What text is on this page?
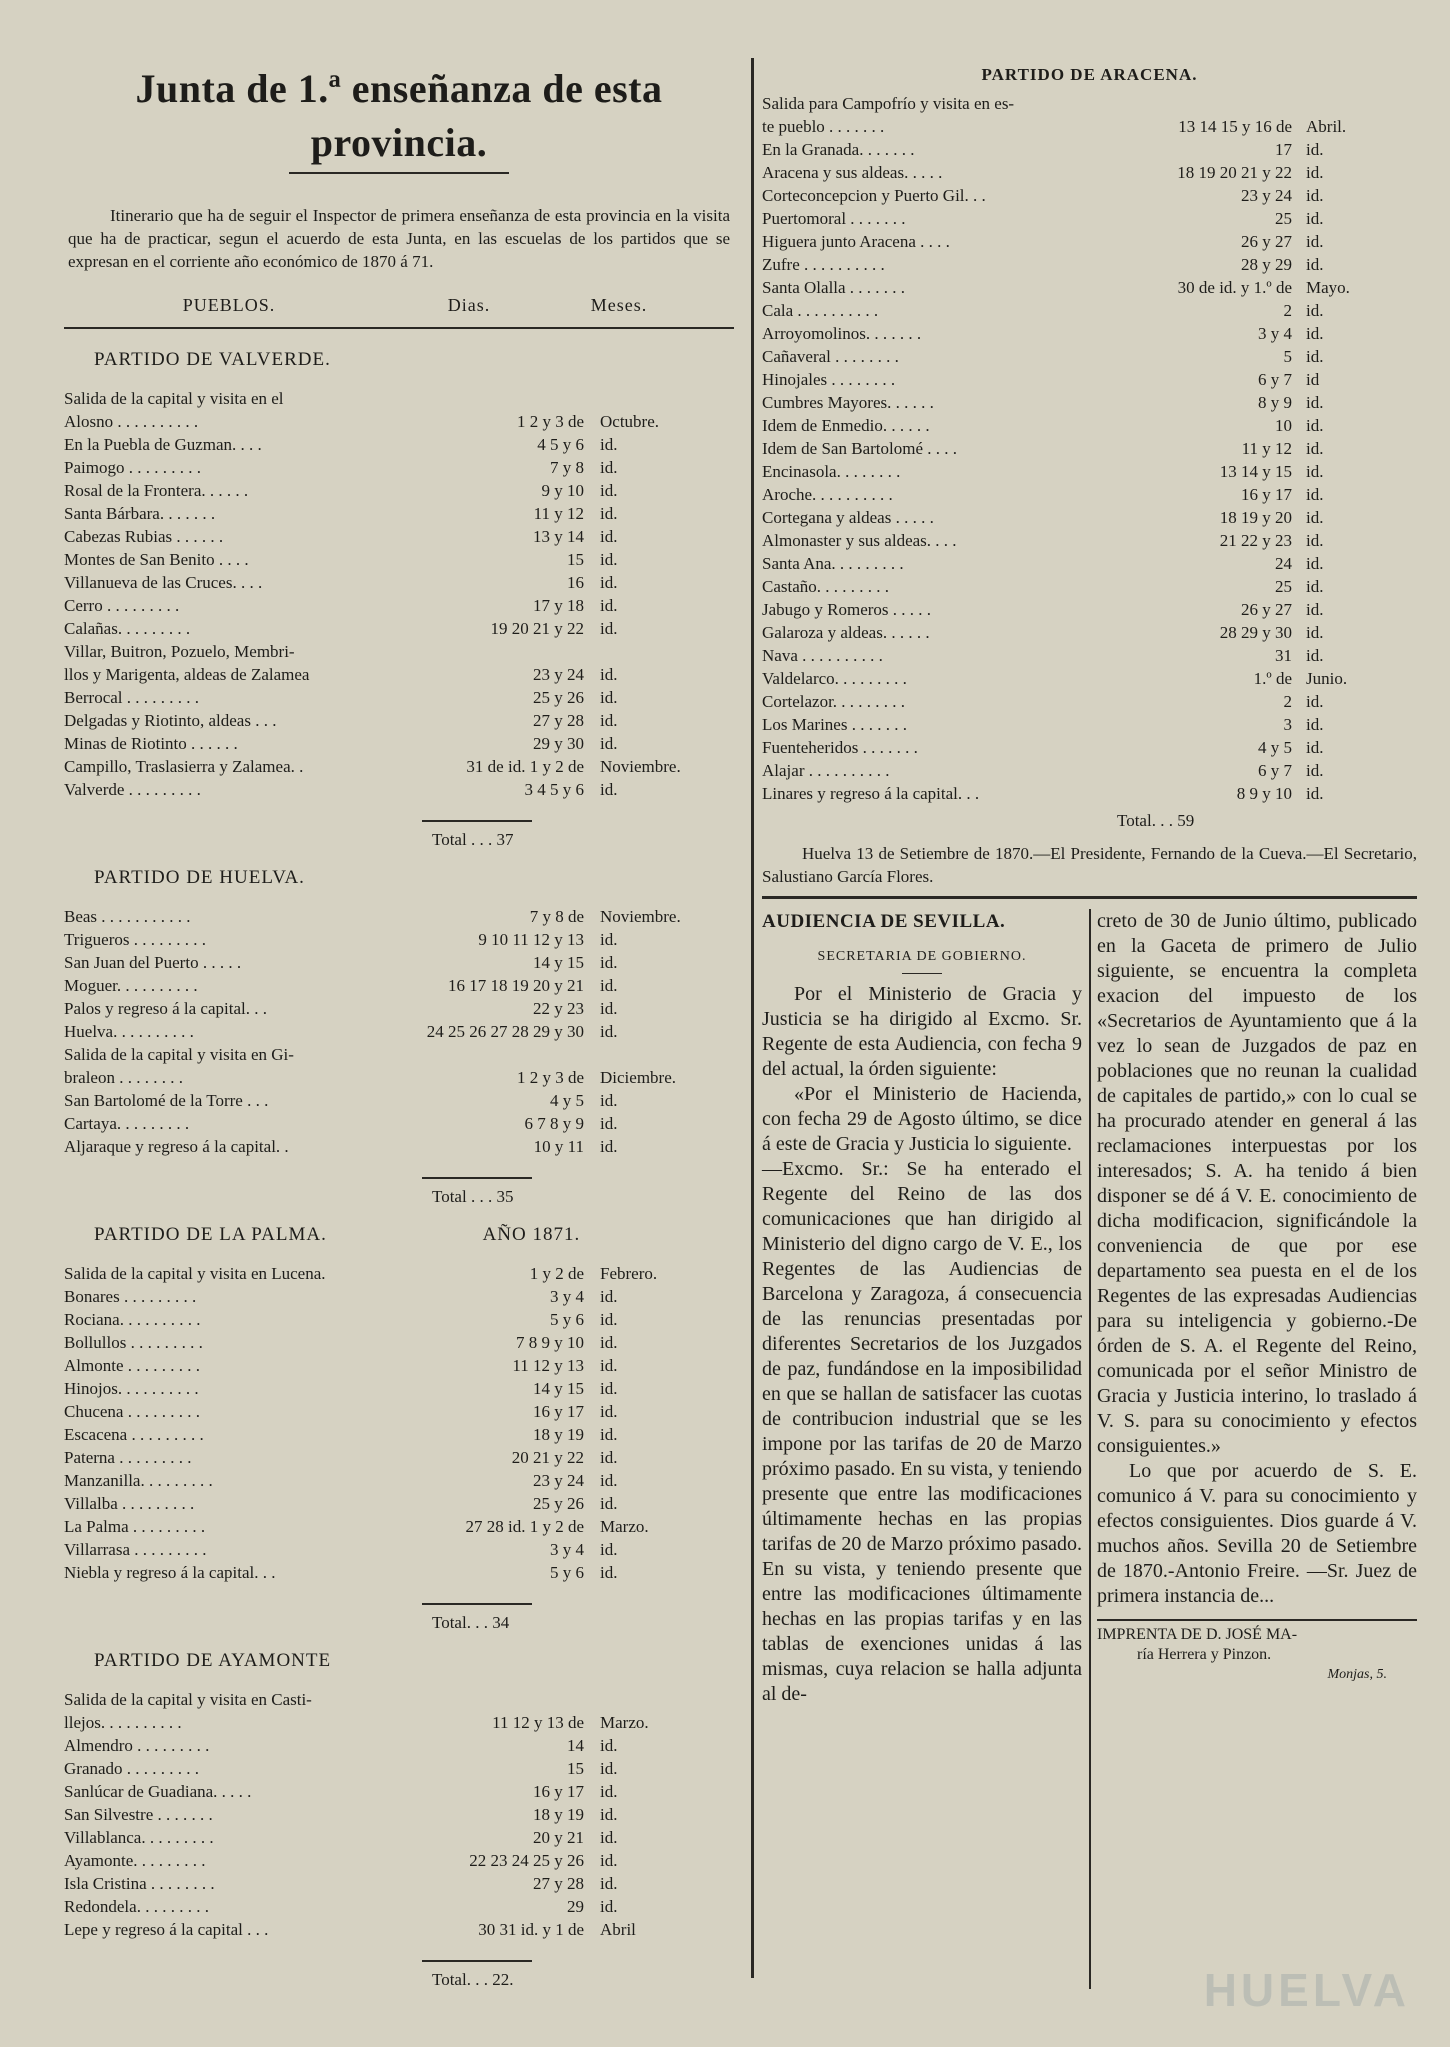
Junta de 1.ª enseñanza de esta provincia.

Itinerario que ha de seguir el Inspector de primera enseñanza de esta provincia en la visita que ha de practicar, segun el acuerdo de esta Junta, en las escuelas de los partidos que se expresan en el corriente año económico de 1870 á 71.

PUEBLOS.	Dias.	Meses.
PARTIDO DE VALVERDE.
Salida de la capital y visita en el
Alosno . . . . . . . . . .	1 2 y 3 de Octubre.
En la Puebla de Guzman. . . .	4 5 y 6 id.
Paimogo . . . . . . . . .	7 y 8 id.
Rosal de la Frontera. . . . . .	9 y 10 id.
Santa Bárbara. . . . . . .	11 y 12 id.
Cabezas Rubias . . . . . .	13 y 14 id.
Montes de San Benito . . . .	15 id.
Villanueva de las Cruces. . . .	16 id.
Cerro . . . . . . . . .	17 y 18 id.
Calañas. . . . . . . . .	19 20 21 y 22 id.
Villar, Buitron, Pozuelo, Membri-
llos y Marigenta, aldeas de Zalamea	23 y 24 id.
Berrocal . . . . . . . . .	25 y 26 id.
Delgadas y Riotinto, aldeas . . .	27 y 28 id.
Minas de Riotinto . . . . . .	29 y 30 id.
Campillo, Traslasierra y Zalamea. .	31 de id. 1 y 2 de Noviembre.
Valverde . . . . . . . . .	3 4 5 y 6 id.

Total . . . 37
PARTIDO DE HUELVA.
Beas . . . . . . . . . . .	7 y 8 de Noviembre.
Trigueros . . . . . . . . .	9 10 11 12 y 13 id.
San Juan del Puerto . . . . .	14 y 15 id.
Moguer. . . . . . . . . .	16 17 18 19 20 y 21 id.
Palos y regreso á la capital. . .	22 y 23 id.
Huelva. . . . . . . . . .	24 25 26 27 28 29 y 30 id.
Salida de la capital y visita en Gi-
braleon . . . . . . . .	1 2 y 3 de Diciembre.
San Bartolomé de la Torre . . .	4 y 5 id.
Cartaya. . . . . . . . .	6 7 8 y 9 id.
Aljaraque y regreso á la capital. .	10 y 11 id.

Total . . . 35
PARTIDO DE LA PALMA.	AÑO 1871.
Salida de la capital y visita en Lucena.	1 y 2 de Febrero.
Bonares . . . . . . . . .	3 y 4 id.
Rociana. . . . . . . . . .	5 y 6 id.
Bollullos . . . . . . . . .	7 8 9 y 10 id.
Almonte . . . . . . . . .	11 12 y 13 id.
Hinojos. . . . . . . . . .	14 y 15 id.
Chucena . . . . . . . . .	16 y 17 id.
Escacena . . . . . . . . .	18 y 19 id.
Paterna . . . . . . . . .	20 21 y 22 id.
Manzanilla. . . . . . . . .	23 y 24 id.
Villalba . . . . . . . . .	25 y 26 id.
La Palma . . . . . . . . .	27 28 id. 1 y 2 de Marzo.
Villarrasa . . . . . . . . .	3 y 4 id.
Niebla y regreso á la capital. . .	5 y 6 id.

Total. . . 34
PARTIDO DE AYAMONTE
Salida de la capital y visita en Casti-
llejos. . . . . . . . . .	11 12 y 13 de Marzo.
Almendro . . . . . . . . .	14 id.
Granado . . . . . . . . .	15 id.
Sanlúcar de Guadiana. . . . .	16 y 17 id.
San Silvestre . . . . . . .	18 y 19 id.
Villablanca. . . . . . . . .	20 y 21 id.
Ayamonte. . . . . . . . .	22 23 24 25 y 26 id.
Isla Cristina . . . . . . . .	27 y 28 id.
Redondela. . . . . . . . .	29 id.
Lepe y regreso á la capital . . .	30 31 id. y 1 de Abril

Total. . . 22.
PARTIDO DE ARACENA.
Salida para Campofrío y visita en es-
te pueblo . . . . . . .	13 14 15 y 16 de Abril.
En la Granada. . . . . . .	17 id.
Aracena y sus aldeas. . . . .	18 19 20 21 y 22 id.
Corteconcepcion y Puerto Gil. . .	23 y 24 id.
Puertomoral . . . . . . .	25 id.
Higuera junto Aracena . . . .	26 y 27 id.
Zufre . . . . . . . . . .	28 y 29 id.
Santa Olalla . . . . . . .	30 de id. y 1.º de Mayo.
Cala . . . . . . . . . .	2 id.
Arroyomolinos. . . . . . .	3 y 4 id.
Cañaveral . . . . . . . .	5 id.
Hinojales . . . . . . . .	6 y 7 id
Cumbres Mayores. . . . . .	8 y 9 id.
Idem de Enmedio. . . . . .	10 id.
Idem de San Bartolomé . . . .	11 y 12 id.
Encinasola. . . . . . . .	13 14 y 15 id.
Aroche. . . . . . . . . .	16 y 17 id.
Cortegana y aldeas . . . . .	18 19 y 20 id.
Almonaster y sus aldeas. . . .	21 22 y 23 id.
Santa Ana. . . . . . . . .	24 id.
Castaño. . . . . . . . .	25 id.
Jabugo y Romeros . . . . .	26 y 27 id.
Galaroza y aldeas. . . . . .	28 29 y 30 id.
Nava . . . . . . . . . .	31 id.
Valdelarco. . . . . . . . .	1.º de Junio.
Cortelazor. . . . . . . . .	2 id.
Los Marines . . . . . . .	3 id.
Fuenteheridos . . . . . . .	4 y 5 id.
Alajar . . . . . . . . . .	6 y 7 id.
Linares y regreso á la capital. . .	8 9 y 10 id.
Total. . . 59

Huelva 13 de Setiembre de 1870.—El Presidente, Fernando de la Cueva.—El Secretario, Salustiano García Flores.

AUDIENCIA DE SEVILLA.
SECRETARIA DE GOBIERNO.

Por el Ministerio de Gracia y Justicia se ha dirigido al Excmo. Sr. Regente de esta Audiencia, con fecha 9 del actual, la órden siguiente:

«Por el Ministerio de Hacienda, con fecha 29 de Agosto último, se dice á este de Gracia y Justicia lo siguiente.

—Excmo. Sr.: Se ha enterado el Regente del Reino de las dos comunicaciones que han dirigido al Ministerio del digno cargo de V. E., los Regentes de las Audiencias de Barcelona y Zaragoza, á consecuencia de las renuncias presentadas por diferentes Secretarios de los Juzgados de paz, fundándose en la imposibilidad en que se hallan de satisfacer las cuotas de contribucion industrial que se les impone por las tarifas de 20 de Marzo próximo pasado. En su vista, y teniendo presente que entre las modificaciones últimamente hechas en las propias tarifas de 20 de Marzo próximo pasado. En su vista, y teniendo presente que entre las modificaciones últimamente hechas en las propias tarifas y en las tablas de exenciones unidas á las mismas, cuya relacion se halla adjunta al de-

creto de 30 de Junio último, publicado en la Gaceta de primero de Julio siguiente, se encuentra la completa exacion del impuesto de los «Secretarios de Ayuntamiento que á la vez lo sean de Juzgados de paz en poblaciones que no reunan la cualidad de capitales de partido,» con lo cual se ha procurado atender en general á las reclamaciones interpuestas por los interesados; S. A. ha tenido á bien disponer se dé á V. E. conocimiento de dicha modificacion, significándole la conveniencia de que por ese departamento sea puesta en el de los Regentes de las expresadas Audiencias para su inteligencia y gobierno.-De órden de S. A. el Regente del Reino, comunicada por el señor Ministro de Gracia y Justicia interino, lo traslado á V. S. para su conocimiento y efectos consiguientes.»

Lo que por acuerdo de S. E. comunico á V. para su conocimiento y efectos consiguientes. Dios guarde á V. muchos años. Sevilla 20 de Setiembre de 1870.-Antonio Freire. —Sr. Juez de primera instancia de...

IMPRENTA DE D. JOSÉ MA-
ría Herrera y Pinzon.
Monjas, 5.
HUELVA
